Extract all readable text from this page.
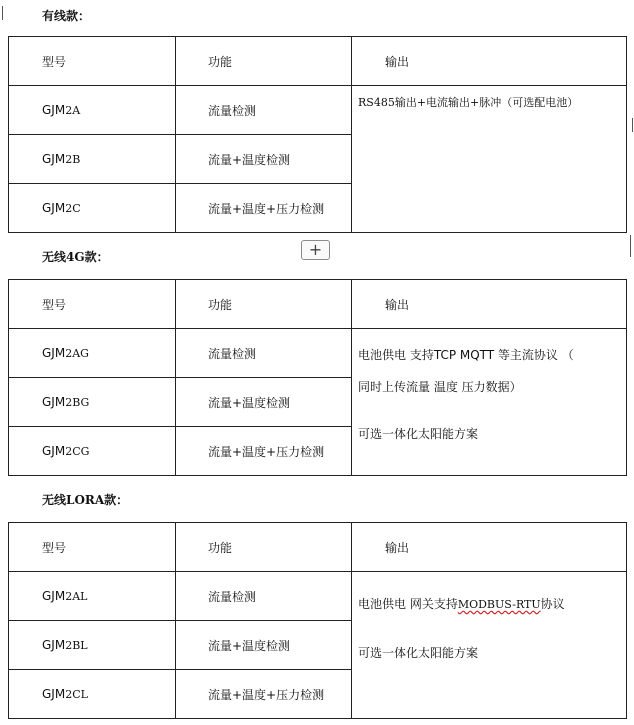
有线款：
型号	功能	输出
GJM2A	流量检测	RS485输出+电流输出+脉冲（可选配电池）
GJM2B	流量+温度检测	
GJM2C	流量+温度+压力检测	
+
无线4G款：
型号	功能	输出
GJM2AG	流量检测	电池供电 支持TCP MQTT 等主流协议 （
同时上传流量 温度 压力数据）
可选一体化太阳能方案

GJM2BG	流量+温度检测	
GJM2CG	流量+温度+压力检测	
无线LORA款：
型号	功能	输出
GJM2AL	流量检测	电池供电 网关支持MODBUS-RTU协议
可选一体化太阳能方案

GJM2BL	流量+温度检测	
GJM2CL	流量+温度+压力检测	
